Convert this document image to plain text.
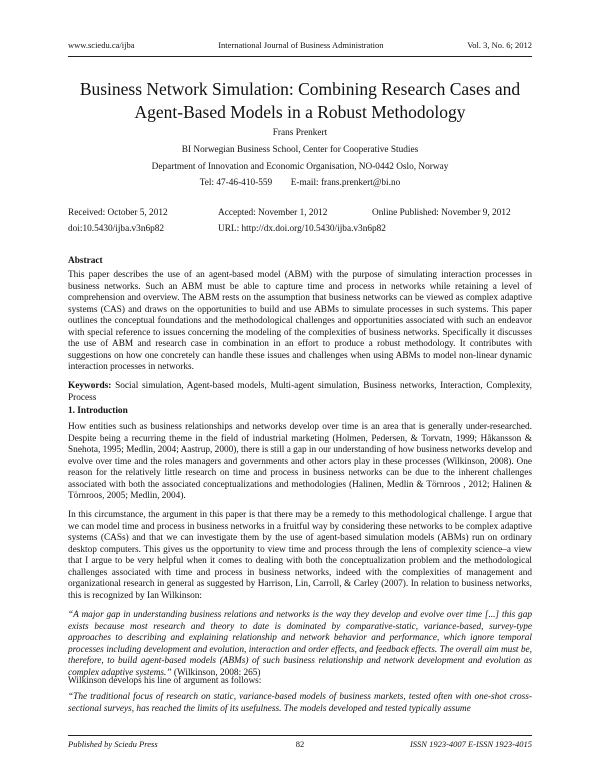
www.sciedu.ca/ijba	International Journal of Business Administration	Vol. 3, No. 6; 2012
Business Network Simulation: Combining Research Cases and
Agent-Based Models in a Robust Methodology
Frans Prenkert
BI Norwegian Business School, Center for Cooperative Studies
Department of Innovation and Economic Organisation, NO-0442 Oslo, Norway
Tel: 47-46-410-559        E-mail: frans.prenkert@bi.no
Received: October 5, 2012	Accepted: November 1, 2012	Online Published: November 9, 2012
doi:10.5430/ijba.v3n6p82	URL: http://dx.doi.org/10.5430/ijba.v3n6p82
Abstract

This paper describes the use of an agent-based model (ABM) with the purpose of simulating interaction processes in business networks. Such an ABM must be able to capture time and process in networks while retaining a level of comprehension and overview. The ABM rests on the assumption that business networks can be viewed as complex adaptive systems (CAS) and draws on the opportunities to build and use ABMs to simulate processes in such systems. This paper outlines the conceptual foundations and the methodological challenges and opportunities associated with such an endeavor with special reference to issues concerning the modeling of the complexities of business networks. Specifically it discusses the use of ABM and research case in combination in an effort to produce a robust methodology. It contributes with suggestions on how one concretely can handle these issues and challenges when using ABMs to model non-linear dynamic interaction processes in networks.

Keywords: Social simulation, Agent-based models, Multi-agent simulation, Business networks, Interaction, Complexity, Process

1. Introduction

How entities such as business relationships and networks develop over time is an area that is generally under-researched. Despite being a recurring theme in the field of industrial marketing (Holmen, Pedersen, & Torvatn, 1999; Håkansson & Snehota, 1995; Medlin, 2004; Aastrup, 2000), there is still a gap in our understanding of how business networks develop and evolve over time and the roles managers and governments and other actors play in these processes (Wilkinson, 2008). One reason for the relatively little research on time and process in business networks can be due to the inherent challenges associated with both the associated conceptualizations and methodologies (Halinen, Medlin & Törnroos , 2012; Halinen & Törnroos, 2005; Medlin, 2004).

In this circumstance, the argument in this paper is that there may be a remedy to this methodological challenge. I argue that we can model time and process in business networks in a fruitful way by considering these networks to be complex adaptive systems (CASs) and that we can investigate them by the use of agent-based simulation models (ABMs) run on ordinary desktop computers. This gives us the opportunity to view time and process through the lens of complexity science–a view that I argue to be very helpful when it comes to dealing with both the conceptualization problem and the methodological challenges associated with time and process in business networks, indeed with the complexities of management and organizational research in general as suggested by Harrison, Lin, Carroll, & Carley (2007). In relation to business networks, this is recognized by Ian Wilkinson:

“A major gap in understanding business relations and networks is the way they develop and evolve over time [...] this gap exists because most research and theory to date is dominated by comparative-static, variance-based, survey-type approaches to describing and explaining relationship and network behavior and performance, which ignore temporal processes including development and evolution, interaction and order effects, and feedback effects. The overall aim must be, therefore, to build agent-based models (ABMs) of such business relationship and network development and evolution as complex adaptive systems.” (Wilkinson, 2008: 265)

Wilkinson develops his line of argument as follows:

“The traditional focus of research on static, variance-based models of business markets, tested often with one-shot cross-sectional surveys, has reached the limits of its usefulness. The models developed and tested typically assume

Published by Sciedu Press	82	ISSN 1923-4007 E-ISSN 1923-4015
